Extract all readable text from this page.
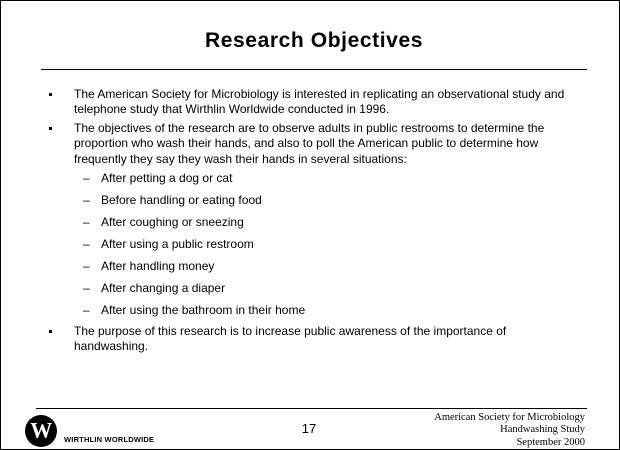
Research Objectives
The American Society for Microbiology is interested in replicating an observational study and telephone study that Wirthlin Worldwide conducted in 1996.
The objectives of the research are to observe adults in public restrooms to determine the proportion who wash their hands, and also to poll the American public to determine how frequently they say they wash their hands in several situations:
– After petting a dog or cat
– Before handling or eating food
– After coughing or sneezing
– After using a public restroom
– After handling money
– After changing a diaper
– After using the bathroom in their home
The purpose of this research is to increase public awareness of the importance of handwashing.
W	WIRTHLIN WORLDWIDE
17
American Society for Microbiology
Handwashing Study
September 2000
